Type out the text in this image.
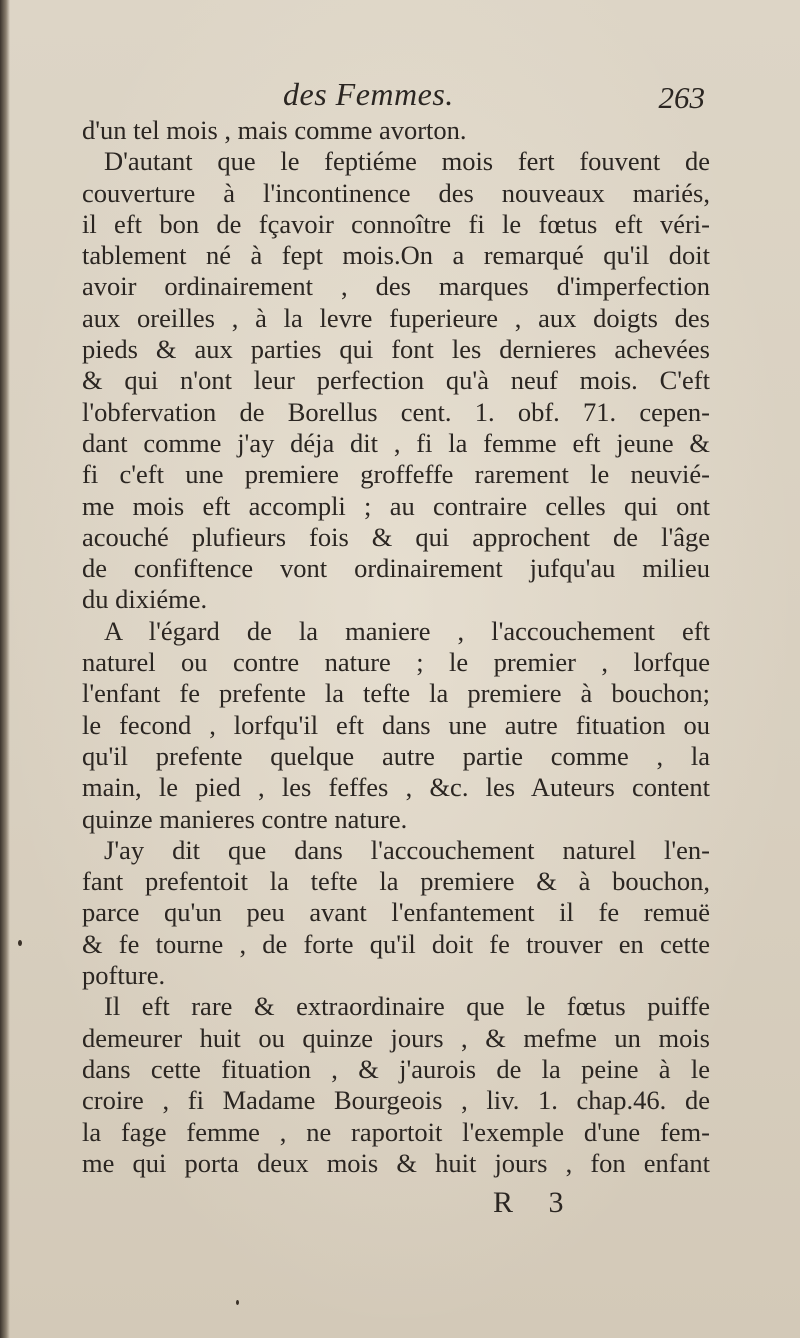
des Femmes.	263
d'un tel mois , mais comme avorton.
D'autant que le feptiéme mois fert fouvent de
couverture à l'incontinence des nouveaux mariés,
il eft bon de fçavoir connoître fi le fœtus eft véri-
tablement né à fept mois.On a remarqué qu'il doit
avoir ordinairement , des marques d'imperfection
aux oreilles , à la levre fuperieure , aux doigts des
pieds & aux parties qui font les dernieres achevées
& qui n'ont leur perfection qu'à neuf mois. C'eft
l'obfervation de Borellus cent. 1. obf. 71. cepen-
dant comme j'ay déja dit , fi la femme eft jeune &
fi c'eft une premiere groffeffe rarement le neuvié-
me mois eft accompli ; au contraire celles qui ont
acouché plufieurs fois & qui approchent de l'âge
de confiftence vont ordinairement jufqu'au milieu
du dixiéme.
A l'égard de la maniere , l'accouchement eft
naturel ou contre nature ; le premier , lorfque
l'enfant fe prefente la tefte la premiere à bouchon;
le fecond , lorfqu'il eft dans une autre fituation ou
qu'il prefente quelque autre partie comme , la
main, le pied , les feffes , &c. les Auteurs content
quinze manieres contre nature.
J'ay dit que dans l'accouchement naturel l'en-
fant prefentoit la tefte la premiere & à bouchon,
parce qu'un peu avant l'enfantement il fe remuë
& fe tourne , de forte qu'il doit fe trouver en cette
pofture.
Il eft rare & extraordinaire que le fœtus puiffe
demeurer huit ou quinze jours , & mefme un mois
dans cette fituation , & j'aurois de la peine à le
croire , fi Madame Bourgeois , liv. 1. chap.46. de
la fage femme , ne raportoit l'exemple d'une fem-
me qui porta deux mois & huit jours , fon enfant
R 3
